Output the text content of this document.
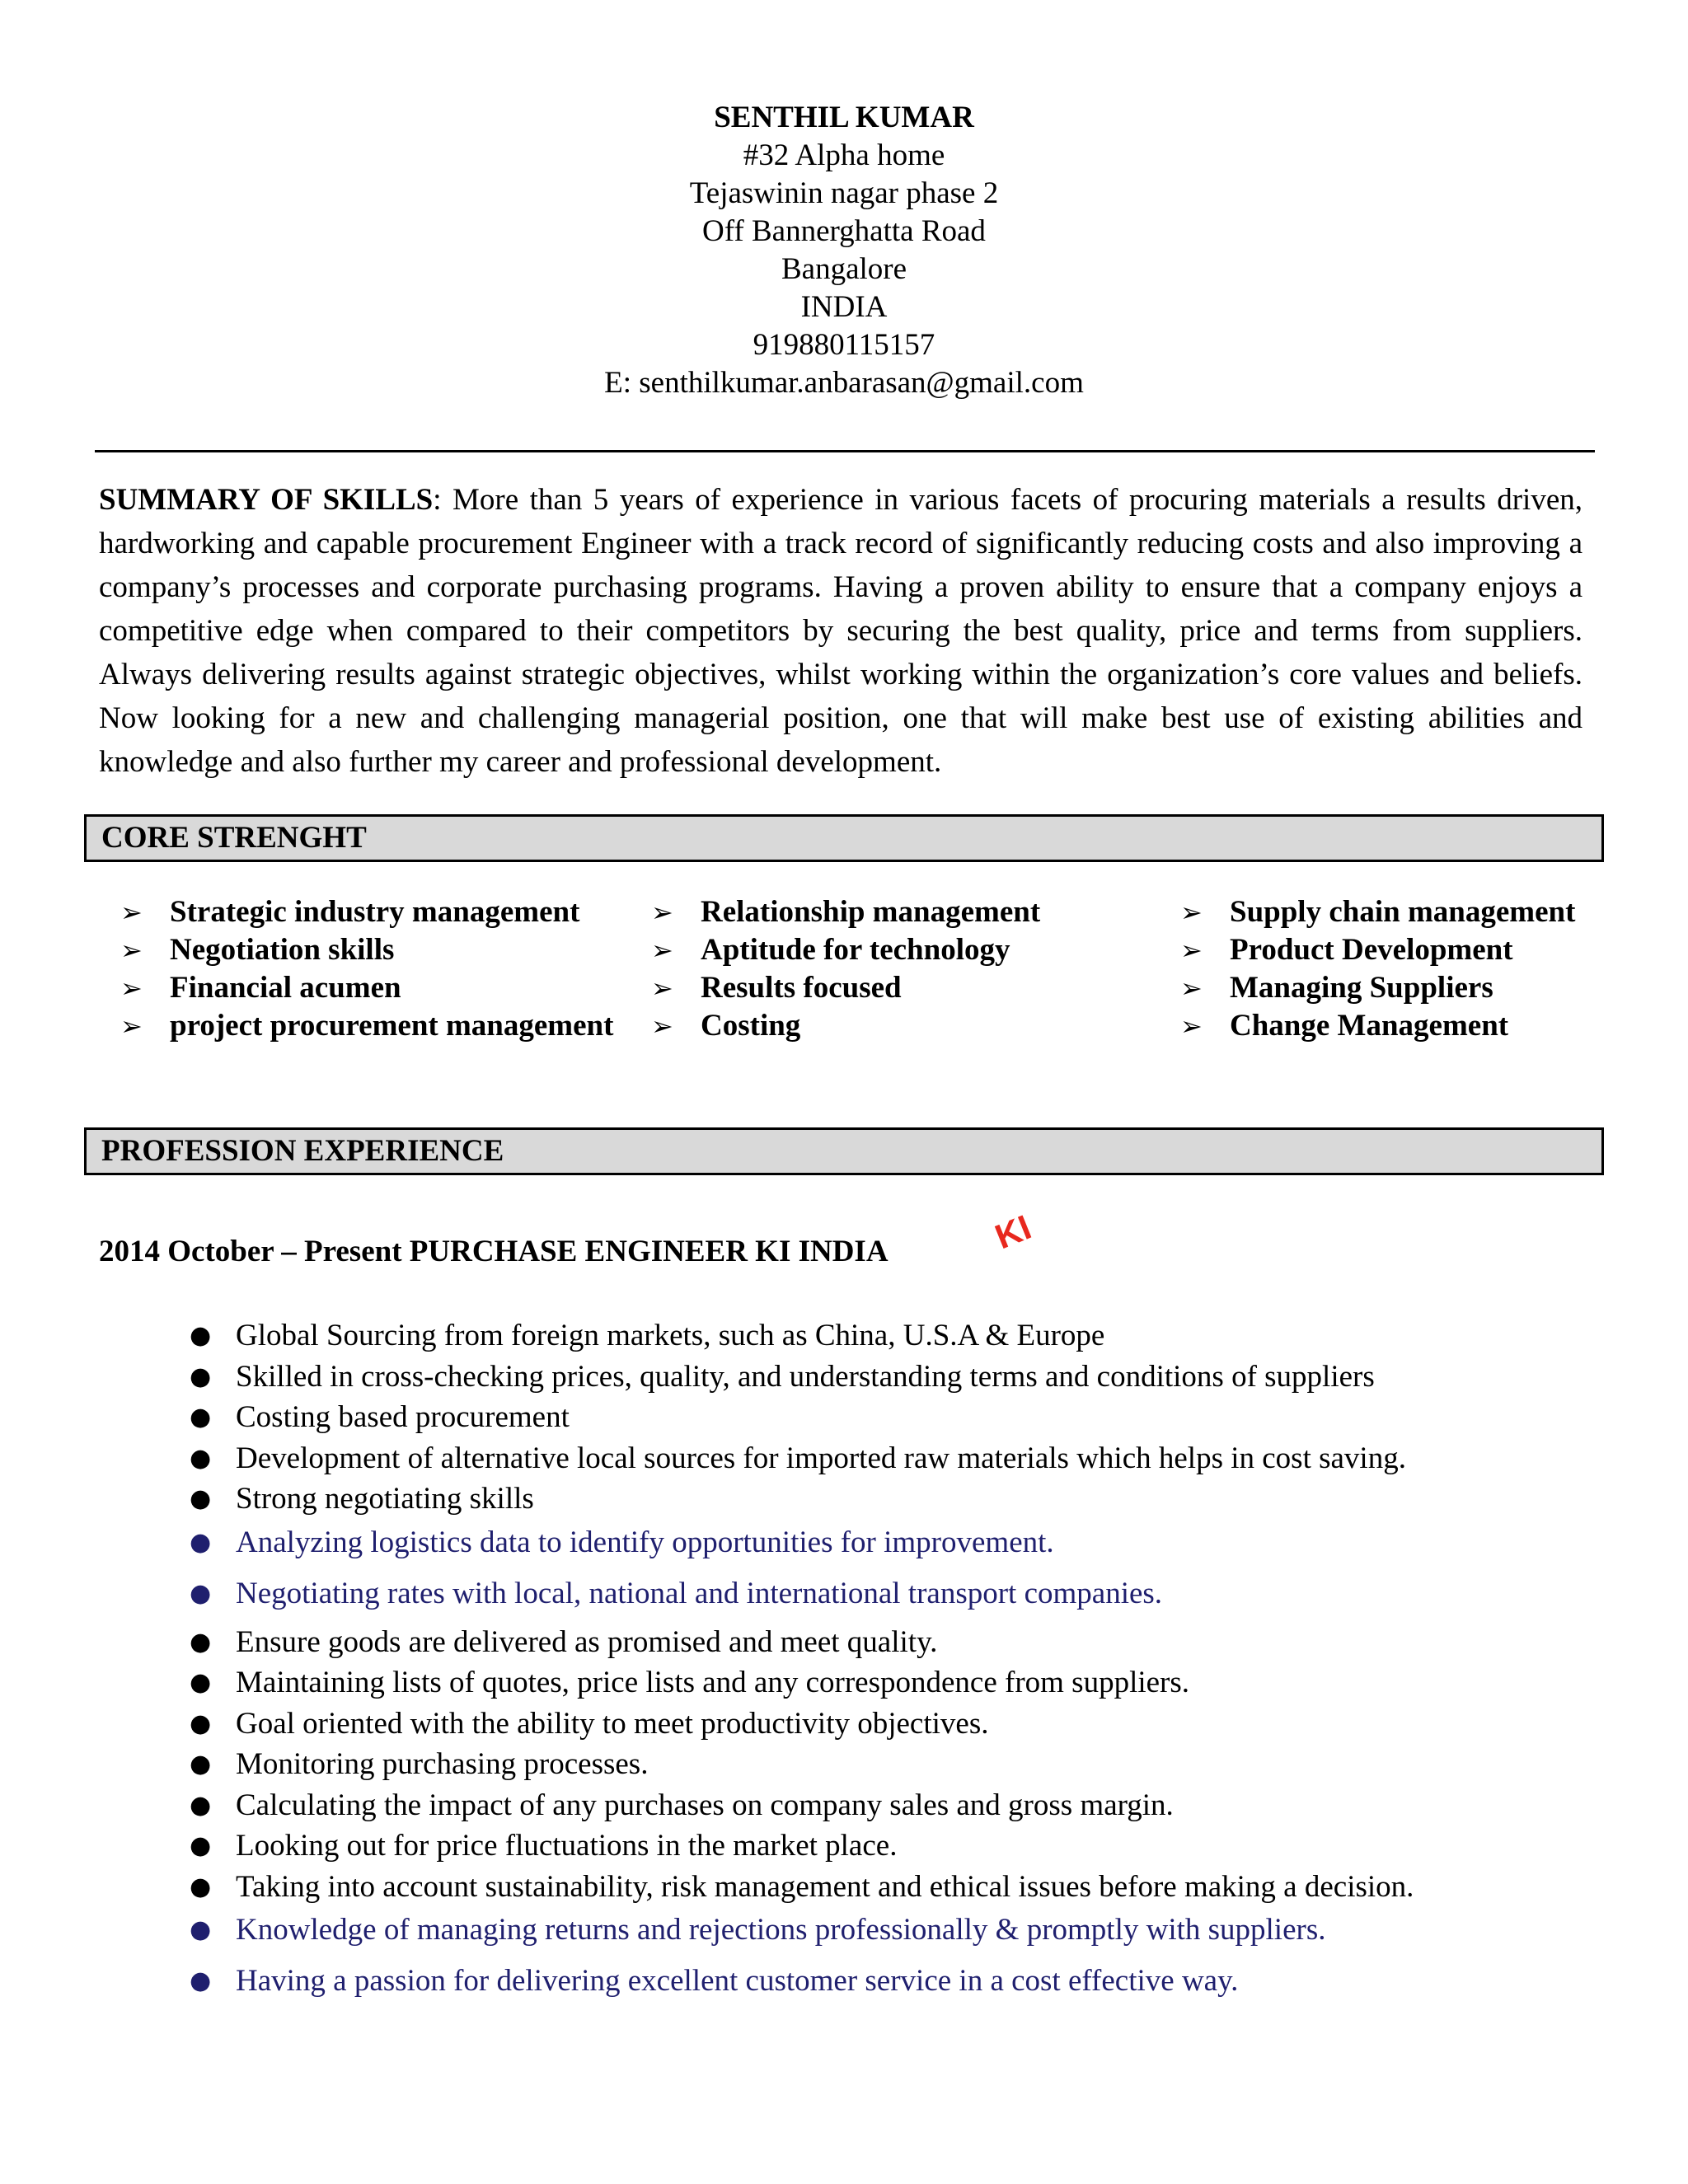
SENTHIL KUMAR
#32 Alpha home
Tejaswinin nagar phase 2
Off Bannerghatta Road
Bangalore
INDIA
919880115157
E: senthilkumar.anbarasan@gmail.com
SUMMARY OF SKILLS: More than 5 years of experience in various facets of procuring materials a results driven, hardworking and capable procurement Engineer with a track record of significantly reducing costs and also improving a company’s processes and corporate purchasing programs. Having a proven ability to ensure that a company enjoys a competitive edge when compared to their competitors by securing the best quality, price and terms from suppliers. Always delivering results against strategic objectives, whilst working within the organization’s core values and beliefs. Now looking for a new and challenging managerial position, one that will make best use of existing abilities and knowledge and also further my career and professional development.
CORE STRENGHT
➢ Strategic industry management
➢ Negotiation skills
➢ Financial acumen
➢ project procurement management
➢ Relationship management
➢ Aptitude for technology
➢ Results focused
➢ Costing
➢ Supply chain management
➢ Product Development
➢ Managing Suppliers
➢ Change Management
PROFESSION EXPERIENCE
2014 October – Present PURCHASE ENGINEER KI INDIA	KI
● Global Sourcing from foreign markets, such as China, U.S.A & Europe
● Skilled in cross-checking prices, quality, and understanding terms and conditions of suppliers
● Costing based procurement
● Development of alternative local sources for imported raw materials which helps in cost saving.
● Strong negotiating skills
● Analyzing logistics data to identify opportunities for improvement.
● Negotiating rates with local, national and international transport companies.
● Ensure goods are delivered as promised and meet quality.
● Maintaining lists of quotes, price lists and any correspondence from suppliers.
● Goal oriented with the ability to meet productivity objectives.
● Monitoring purchasing processes.
● Calculating the impact of any purchases on company sales and gross margin.
● Looking out for price fluctuations in the market place.
● Taking into account sustainability, risk management and ethical issues before making a decision.
● Knowledge of managing returns and rejections professionally & promptly with suppliers.
● Having a passion for delivering excellent customer service in a cost effective way.
